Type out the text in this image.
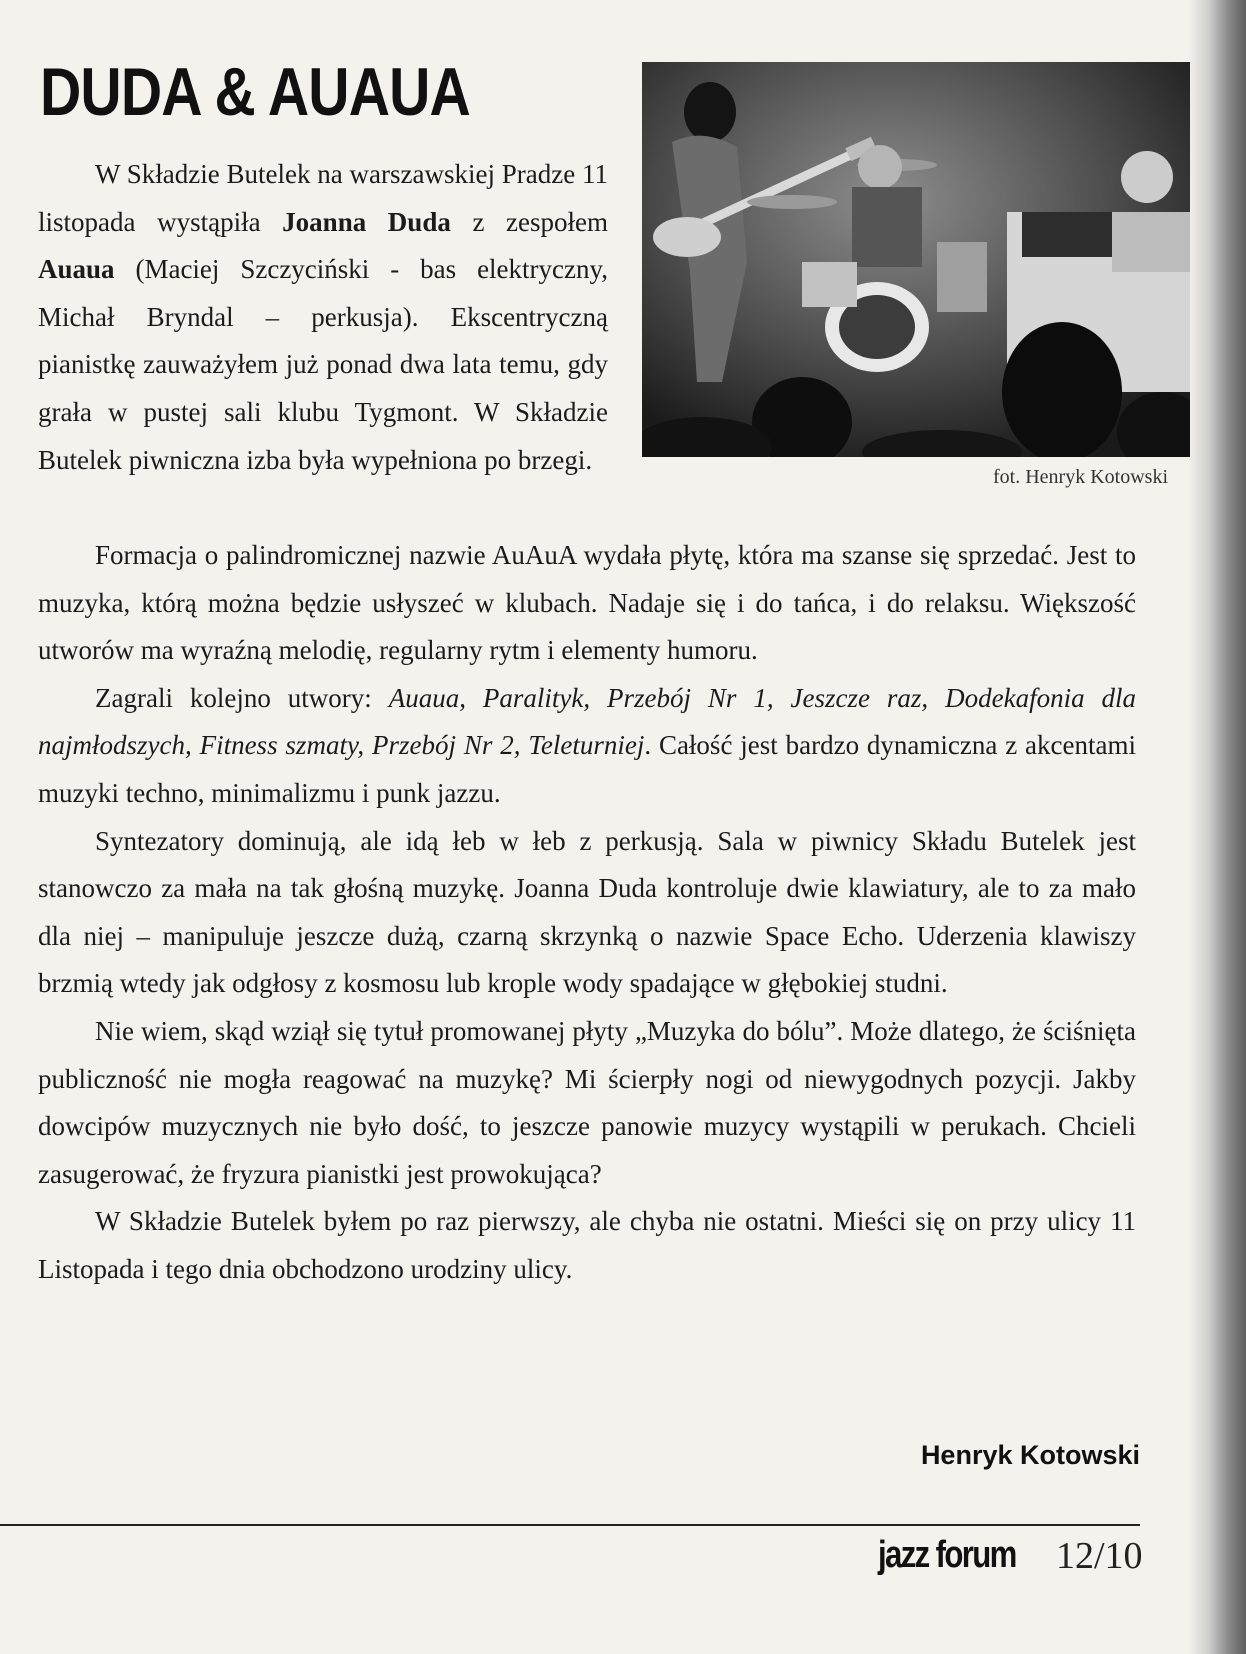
DUDA & AUAUA
fot. Henryk Kotowski

W Składzie Butelek na warszawskiej Pradze 11 listopada wystąpiła Joanna Duda z zespołem Auaua (Maciej Szczyciński - bas elektryczny, Michał Bryndal – perkusja). Ekscentryczną pianistkę zauważyłem już ponad dwa lata temu, gdy grała w pustej sali klubu Tygmont. W Składzie Butelek piwniczna izba była wypełniona po brzegi.

Formacja o palindromicznej nazwie AuAuA wydała płytę, która ma szanse się sprzedać. Jest to muzyka, którą można będzie usłyszeć w klubach. Nadaje się i do tańca, i do relaksu. Większość utworów ma wyraźną melodię, regularny rytm i elementy humoru.

Zagrali kolejno utwory: Auaua, Paralityk, Przebój Nr 1, Jeszcze raz, Dodekafonia dla najmłodszych, Fitness szmaty, Przebój Nr 2, Teleturniej. Całość jest bardzo dynamiczna z akcentami muzyki techno, minimalizmu i punk jazzu.

Syntezatory dominują, ale idą łeb w łeb z perkusją. Sala w piwnicy Składu Butelek jest stanowczo za mała na tak głośną muzykę. Joanna Duda kontroluje dwie klawiatury, ale to za mało dla niej – manipuluje jeszcze dużą, czarną skrzynką o nazwie Space Echo. Uderzenia klawiszy brzmią wtedy jak odgłosy z kosmosu lub krople wody spadające w głębokiej studni.

Nie wiem, skąd wziął się tytuł promowanej płyty „Muzyka do bólu”. Może dlatego, że ściśnięta publiczność nie mogła reagować na muzykę? Mi ścierpły nogi od niewygodnych pozycji. Jakby dowcipów muzycznych nie było dość, to jeszcze panowie muzycy wystąpili w perukach. Chcieli zasugerować, że fryzura pianistki jest prowokująca?

W Składzie Butelek byłem po raz pierwszy, ale chyba nie ostatni. Mieści się on przy ulicy 11 Listopada i tego dnia obchodzono urodziny ulicy.

Henryk Kotowski
jazz forum 12/10
